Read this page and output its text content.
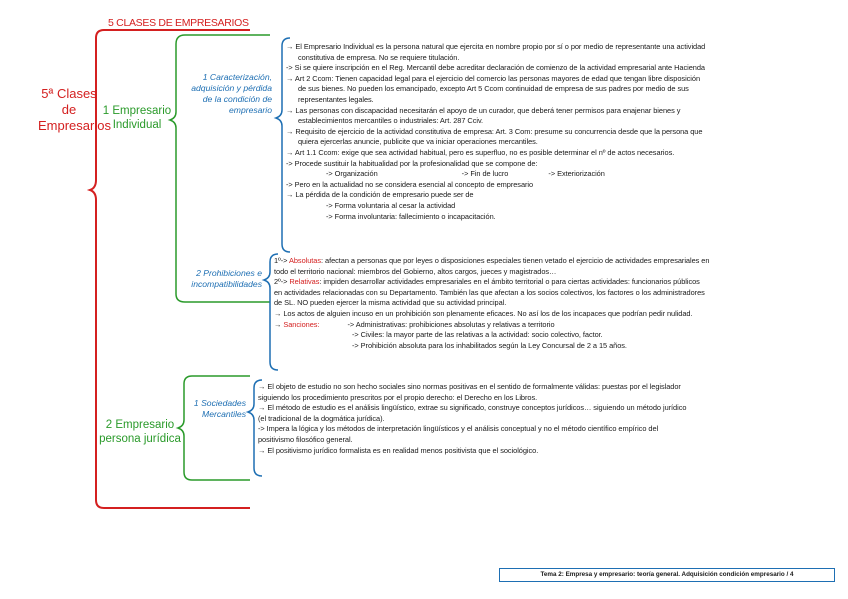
5 CLASES DE EMPRESARIOS
5ª Clases de Empresarios
1 Empresario Individual
2 Empresario persona jurídica
1 Caracterización, adquisición y pérdida de la condición de empresario
2 Prohibiciones e incompatibilidades
1 Sociedades Mercantiles
→ El Empresario Individual es la persona natural que ejercita en nombre propio por sí o por medio de representante una actividad
constitutiva de empresa. No se requiere titulación.
-> Si se quiere inscripción en el Reg. Mercantil debe acreditar declaración de comienzo de la actividad empresarial ante Hacienda
→ Art 2 Ccom: Tienen capacidad legal para el ejercicio del comercio las personas mayores de edad que tengan libre disposición
de sus bienes. No pueden los emancipado, excepto Art 5 Ccom continuidad de empresa de sus padres por medio de sus
representantes legales.
→ Las personas con discapacidad necesitarán el apoyo de un curador, que deberá tener permisos para enajenar bienes y
establecimientos mercantiles o industriales: Art. 287 Cciv.
→ Requisito de ejercicio de la actividad constitutiva de empresa: Art. 3 Com: presume su concurrencia desde que la persona que
quiera ejercerlas anuncie, publicite que va iniciar operaciones mercantiles.
→ Art 1.1 Ccom: exige que sea actividad habitual, pero es superfluo, no es posible determinar el nº de actos necesarios.
-> Procede sustituir la habitualidad por la profesionalidad que se compone de:
-> Organización	-> Fin de lucro	-> Exteriorización
-> Pero en la actualidad no se considera esencial al concepto de empresario
→ La pérdida de la condición de empresario puede ser de
-> Forma voluntaria al cesar la actividad
-> Forma involuntaria: fallecimiento o incapacitación.
1º-> Absolutas: afectan a personas que por leyes o disposiciones especiales tienen vetado el ejercicio de actividades empresariales en
todo el territorio nacional: miembros del Gobierno, altos cargos, jueces y magistrados…
2º-> Relativas: impiden desarrollar actividades empresariales en el ámbito territorial o para ciertas actividades: funcionarios públicos
en actividades relacionadas con su Departamento. También las que afectan a los socios colectivos, los factores o los administradores
de SL. NO pueden ejercer la misma actividad que su actividad principal.
→ Los actos de alguien incuso en un prohibición son plenamente eficaces. No así los de los incapaces que podrían pedir nulidad.
→ Sanciones:	-> Administrativas: prohibiciones absolutas y relativas a territorio
-> Civiles: la mayor parte de las relativas a la actividad: socio colectivo, factor.
-> Prohibición absoluta para los inhabilitados según la Ley Concursal de 2 a 15 años.
→ El objeto de estudio no son hecho sociales sino normas positivas en el sentido de formalmente válidas: puestas por el legislador
siguiendo los procedimiento prescritos por el propio derecho: el Derecho en los Libros.
→ El método de estudio es el análisis lingüístico, extrae su significado, construye conceptos jurídicos… siguiendo un método jurídico
(el tradicional de la dogmática jurídica).
-> Impera la lógica y los métodos de interpretación lingüísticos y el análisis conceptual y no el método científico empírico del
positivismo filosófico general.
→ El positivismo jurídico formalista es en realidad menos positivista que el sociológico.
Tema 2: Empresa y empresario: teoría general. Adquisición condición empresario / 4
